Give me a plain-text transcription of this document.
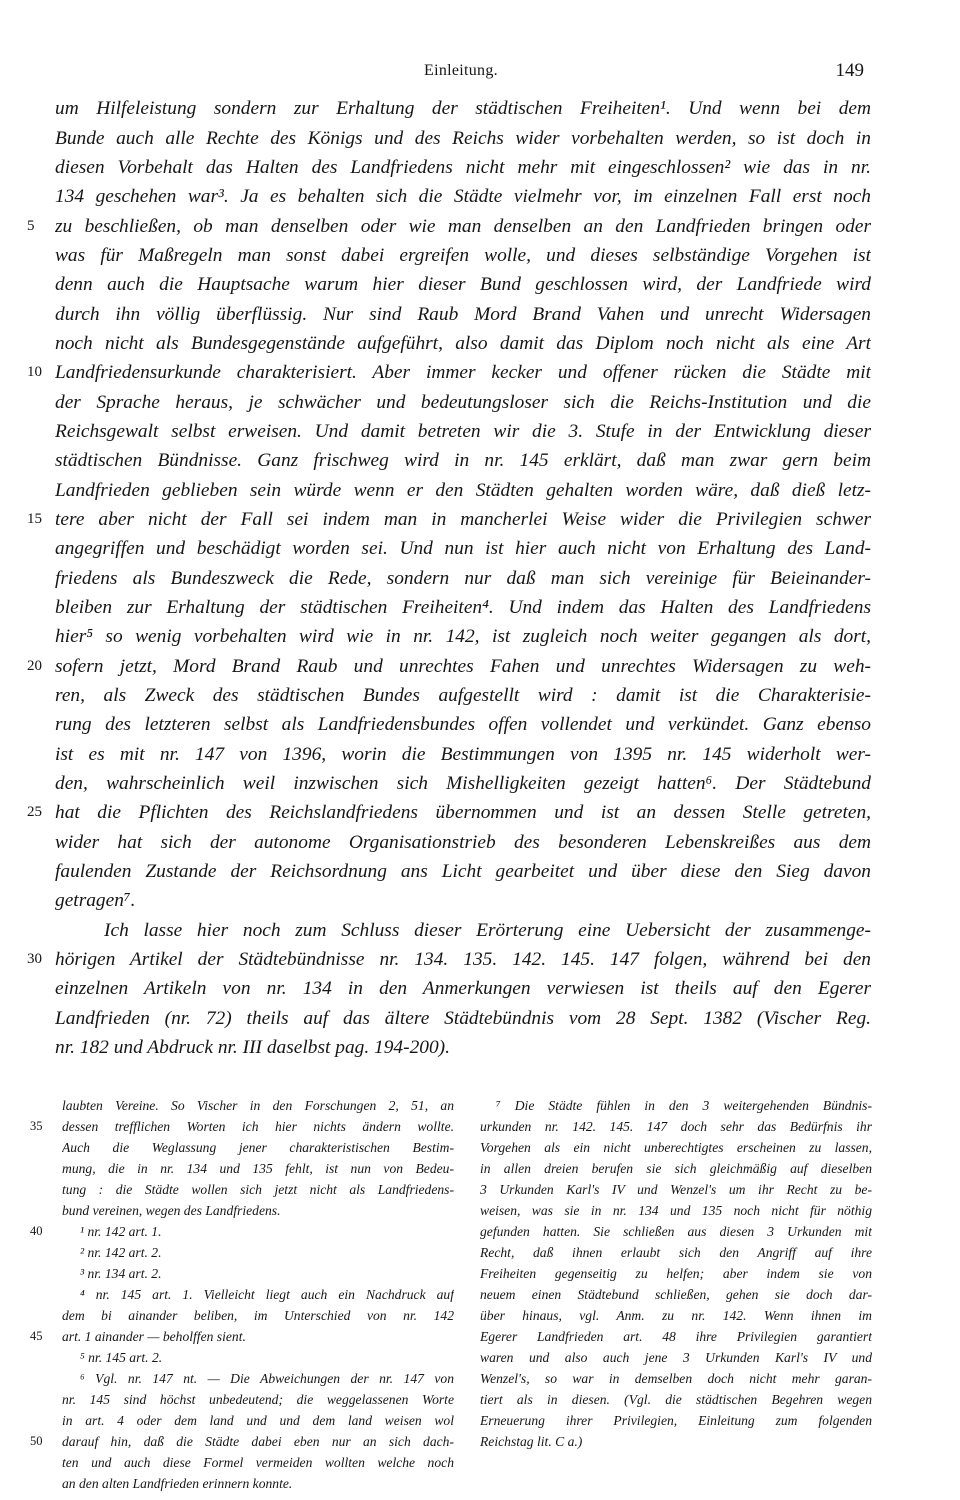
Einleitung.	149
um Hilfeleistung sondern zur Erhaltung der städtischen Freiheiten¹. Und wenn bei dem
Bunde auch alle Rechte des Königs und des Reichs wider vorbehalten werden, so ist doch in
diesen Vorbehalt das Halten des Landfriedens nicht mehr mit eingeschlossen² wie das in nr.
134 geschehen war³. Ja es behalten sich die Städte vielmehr vor, im einzelnen Fall erst noch
zu beschließen, ob man denselben oder wie man denselben an den Landfrieden bringen oder
was für Maßregeln man sonst dabei ergreifen wolle, und dieses selbständige Vorgehen ist
denn auch die Hauptsache warum hier dieser Bund geschlossen wird, der Landfriede wird
durch ihn völlig überflüssig. Nur sind Raub Mord Brand Vahen und unrecht Widersagen
noch nicht als Bundesgegenstände aufgeführt, also damit das Diplom noch nicht als eine Art
Landfriedensurkunde charakterisiert. Aber immer kecker und offener rücken die Städte mit
der Sprache heraus, je schwächer und bedeutungsloser sich die Reichs-Institution und die
Reichsgewalt selbst erweisen. Und damit betreten wir die 3. Stufe in der Entwicklung dieser
städtischen Bündnisse. Ganz frischweg wird in nr. 145 erklärt, daß man zwar gern beim
Landfrieden geblieben sein würde wenn er den Städten gehalten worden wäre, daß dieß letz-
tere aber nicht der Fall sei indem man in mancherlei Weise wider die Privilegien schwer
angegriffen und beschädigt worden sei. Und nun ist hier auch nicht von Erhaltung des Land-
friedens als Bundeszweck die Rede, sondern nur daß man sich vereinige für Beieinander-
bleiben zur Erhaltung der städtischen Freiheiten⁴. Und indem das Halten des Landfriedens
hier⁵ so wenig vorbehalten wird wie in nr. 142, ist zugleich noch weiter gegangen als dort,
sofern jetzt, Mord Brand Raub und unrechtes Fahen und unrechtes Widersagen zu weh-
ren, als Zweck des städtischen Bundes aufgestellt wird : damit ist die Charakterisie-
rung des letzteren selbst als Landfriedensbundes offen vollendet und verkündet. Ganz ebenso
ist es mit nr. 147 von 1396, worin die Bestimmungen von 1395 nr. 145 widerholt wer-
den, wahrscheinlich weil inzwischen sich Mishelligkeiten gezeigt hatten⁶. Der Städtebund
hat die Pflichten des Reichslandfriedens übernommen und ist an dessen Stelle getreten,
wider hat sich der autonome Organisationstrieb des besonderen Lebenskreißes aus dem
faulenden Zustande der Reichsordnung ans Licht gearbeitet und über diese den Sieg davon
getragen⁷.
Ich lasse hier noch zum Schluss dieser Erörterung eine Uebersicht der zusammenge-
hörigen Artikel der Städtebündnisse nr. 134. 135. 142. 145. 147 folgen, während bei den
einzelnen Artikeln von nr. 134 in den Anmerkungen verwiesen ist theils auf den Egerer
Landfrieden (nr. 72) theils auf das ältere Städtebündnis vom 28 Sept. 1382 (Vischer Reg.
nr. 182 und Abdruck nr. III daselbst pag. 194-200).
5
10
15
20
25
30
laubten Vereine. So Vischer in den Forschungen 2, 51, an
dessen trefflichen Worten ich hier nichts ändern wollte.
Auch die Weglassung jener charakteristischen Bestim-
mung, die in nr. 134 und 135 fehlt, ist nun von Bedeu-
tung : die Städte wollen sich jetzt nicht als Landfriedens-
bund vereinen, wegen des Landfriedens.
¹ nr. 142 art. 1.
² nr. 142 art. 2.
³ nr. 134 art. 2.
⁴ nr. 145 art. 1. Vielleicht liegt auch ein Nachdruck auf
dem bi ainander beliben, im Unterschied von nr. 142
art. 1 ainander — beholffen sient.
⁵ nr. 145 art. 2.
⁶ Vgl. nr. 147 nt. — Die Abweichungen der nr. 147 von
nr. 145 sind höchst unbedeutend; die weggelassenen Worte
in art. 4 oder dem land und und dem land weisen wol
darauf hin, daß die Städte dabei eben nur an sich dach-
ten und auch diese Formel vermeiden wollten welche noch
an den alten Landfrieden erinnern konnte.
35
40
45
50
⁷ Die Städte fühlen in den 3 weitergehenden Bündnis-
urkunden nr. 142. 145. 147 doch sehr das Bedürfnis ihr
Vorgehen als ein nicht unberechtigtes erscheinen zu lassen,
in allen dreien berufen sie sich gleichmäßig auf dieselben
3 Urkunden Karl's IV und Wenzel's um ihr Recht zu be-
weisen, was sie in nr. 134 und 135 noch nicht für nöthig
gefunden hatten. Sie schließen aus diesen 3 Urkunden mit
Recht, daß ihnen erlaubt sich den Angriff auf ihre
Freiheiten gegenseitig zu helfen; aber indem sie von
neuem einen Städtebund schließen, gehen sie doch dar-
über hinaus, vgl. Anm. zu nr. 142. Wenn ihnen im
Egerer Landfrieden art. 48 ihre Privilegien garantiert
waren und also auch jene 3 Urkunden Karl's IV und
Wenzel's, so war in demselben doch nicht mehr garan-
tiert als in diesen. (Vgl. die städtischen Begehren wegen
Erneuerung ihrer Privilegien, Einleitung zum folgenden
Reichstag lit. C a.)
